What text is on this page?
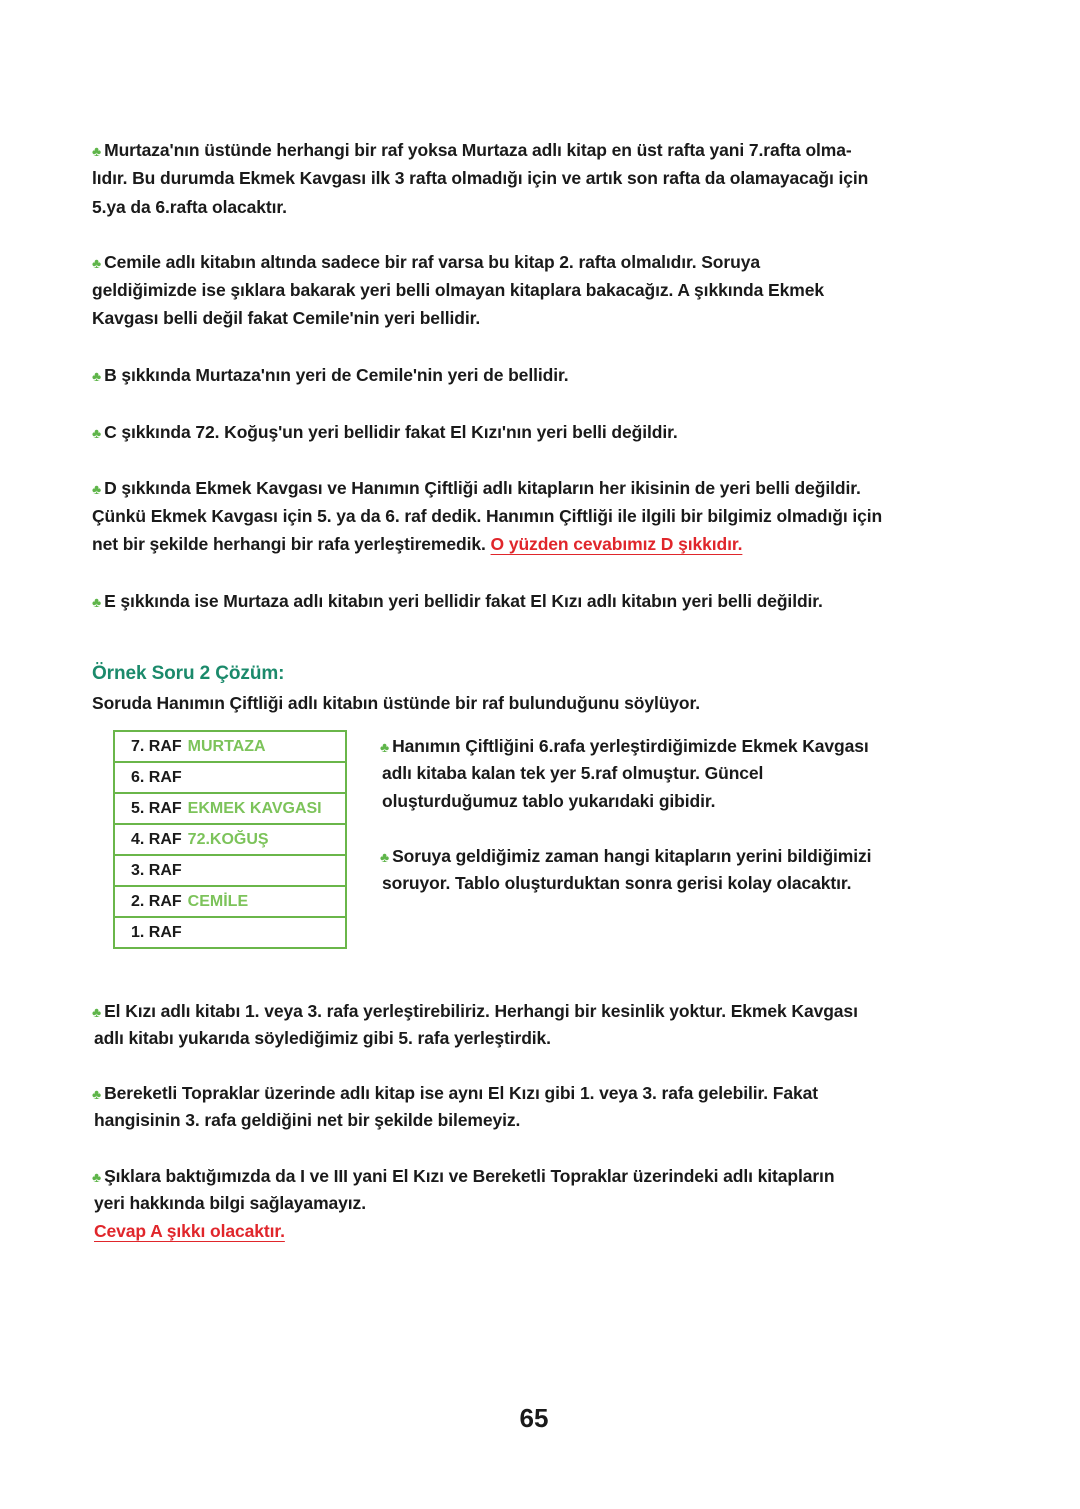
♣ Murtaza'nın üstünde herhangi bir raf yoksa Murtaza adlı kitap en üst rafta yani 7.rafta olma-
lıdır. Bu durumda Ekmek Kavgası ilk 3 rafta olmadığı için ve artık son rafta da olamayacağı için
5.ya da 6.rafta olacaktır.
♣ Cemile adlı kitabın altında sadece bir raf varsa bu kitap 2. rafta olmalıdır. Soruya
geldiğimizde ise şıklara bakarak yeri belli olmayan kitaplara bakacağız. A şıkkında Ekmek
Kavgası belli değil fakat Cemile'nin yeri bellidir.
♣ B şıkkında Murtaza'nın yeri de Cemile'nin yeri de bellidir.
♣ C şıkkında 72. Koğuş'un yeri bellidir fakat El Kızı'nın yeri belli değildir.
♣ D şıkkında Ekmek Kavgası ve Hanımın Çiftliği adlı kitapların her ikisinin de yeri belli değildir.
Çünkü Ekmek Kavgası için 5. ya da 6. raf dedik. Hanımın Çiftliği ile ilgili bir bilgimiz olmadığı için
net bir şekilde herhangi bir rafa yerleştiremedik. O yüzden cevabımız D şıkkıdır.
♣ E şıkkında ise Murtaza adlı kitabın yeri bellidir fakat El Kızı adlı kitabın yeri belli değildir.
Örnek Soru 2 Çözüm:
Soruda Hanımın Çiftliği adlı kitabın üstünde bir raf bulunduğunu söylüyor.
7. RAF MURTAZA
6. RAF
5. RAF EKMEK KAVGASI
4. RAF 72.KOĞUŞ
3. RAF
2. RAF CEMİLE
1. RAF
♣ Hanımın Çiftliğini 6.rafa yerleştirdiğimizde Ekmek Kavgası
adlı kitaba kalan tek yer 5.raf olmuştur. Güncel
oluşturduğumuz tablo yukarıdaki gibidir.
♣ Soruya geldiğimiz zaman hangi kitapların yerini bildiğimizi
soruyor. Tablo oluşturduktan sonra gerisi kolay olacaktır.
♣ El Kızı adlı kitabı 1. veya 3. rafa yerleştirebiliriz. Herhangi bir kesinlik yoktur. Ekmek Kavgası
adlı kitabı yukarıda söylediğimiz gibi 5. rafa yerleştirdik.
♣ Bereketli Topraklar üzerinde adlı kitap ise aynı El Kızı gibi 1. veya 3. rafa gelebilir. Fakat
hangisinin 3. rafa geldiğini net bir şekilde bilemeyiz.
♣ Şıklara baktığımızda da I ve III yani El Kızı ve Bereketli Topraklar üzerindeki adlı kitapların
yeri hakkında bilgi sağlayamayız.
Cevap A şıkkı olacaktır.
65
